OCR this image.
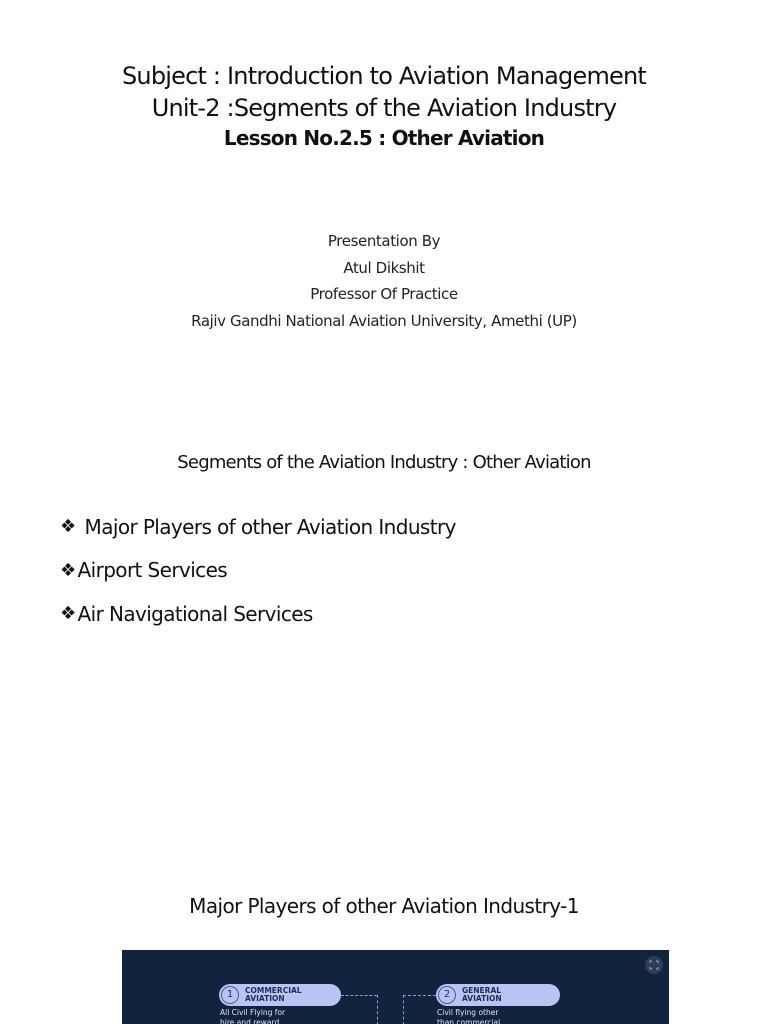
Subject : Introduction to Aviation Management
Unit-2 :Segments of the Aviation Industry
Lesson No.2.5 : Other Aviation
Presentation By
Atul Dikshit
Professor Of Practice
Rajiv Gandhi National Aviation University, Amethi (UP)
Segments of the Aviation Industry : Other Aviation
❖ Major Players of other Aviation Industry
❖ Airport Services
❖ Air Navigational Services
Major Players of other Aviation Industry-1
1	COMMERCIAL
AVIATION
All Civil Flying for
hire and reward
2	GENERAL
AVIATION
Civil flying other
than commercial
